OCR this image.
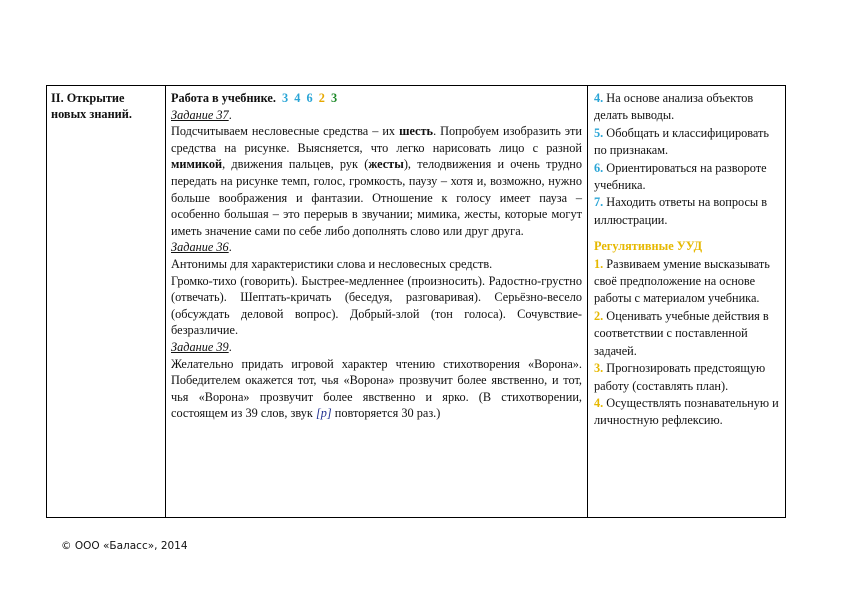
II. Открытие новых знаний.
Работа в учебнике. 3 4 6 2 3

Задание 37.

Подсчитываем несловесные средства – их шесть. Попробуем изобразить эти средства на рисунке. Выясняется, что легко нарисовать лицо с разной мимикой, движения пальцев, рук (жесты), телодвижения и очень трудно передать на рисунке темп, голос, громкость, паузу – хотя и, возможно, нужно больше воображения и фантазии. Отношение к голосу имеет пауза – особенно большая – это перерыв в звучании; мимика, жесты, которые могут иметь значение сами по себе либо дополнять слово или друг друга.

Задание 36.

Антонимы для характеристики слова и несловесных средств.

Громко-тихо (говорить). Быстрее-медленнее (произносить). Радостно-грустно (отвечать). Шептать-кричать (беседуя, разговаривая). Серьёзно-весело (обсуждать деловой вопрос). Добрый-злой (тон голоса). Сочувствие-безразличие.

Задание 39.

Желательно придать игровой характер чтению стихотворения «Ворона». Победителем окажется тот, чья «Ворона» прозвучит более явственно, и тот, чья «Ворона» прозвучит более явственно и ярко. (В стихотворении, состоящем из 39 слов, звук [р] повторяется 30 раз.)

4. На основе анализа объектов делать выводы.
5. Обобщать и классифицировать по признакам.
6. Ориентироваться на развороте учебника.
7. Находить ответы на вопросы в иллюстрации.
Регулятивные УУД
1. Развиваем умение высказывать своё предположение на основе работы с материалом учебника.
2. Оценивать учебные действия в соответствии с поставленной задачей.
3. Прогнозировать предстоящую работу (составлять план).
4. Осуществлять познавательную и личностную рефлексию.
© ООО «Баласс», 2014
